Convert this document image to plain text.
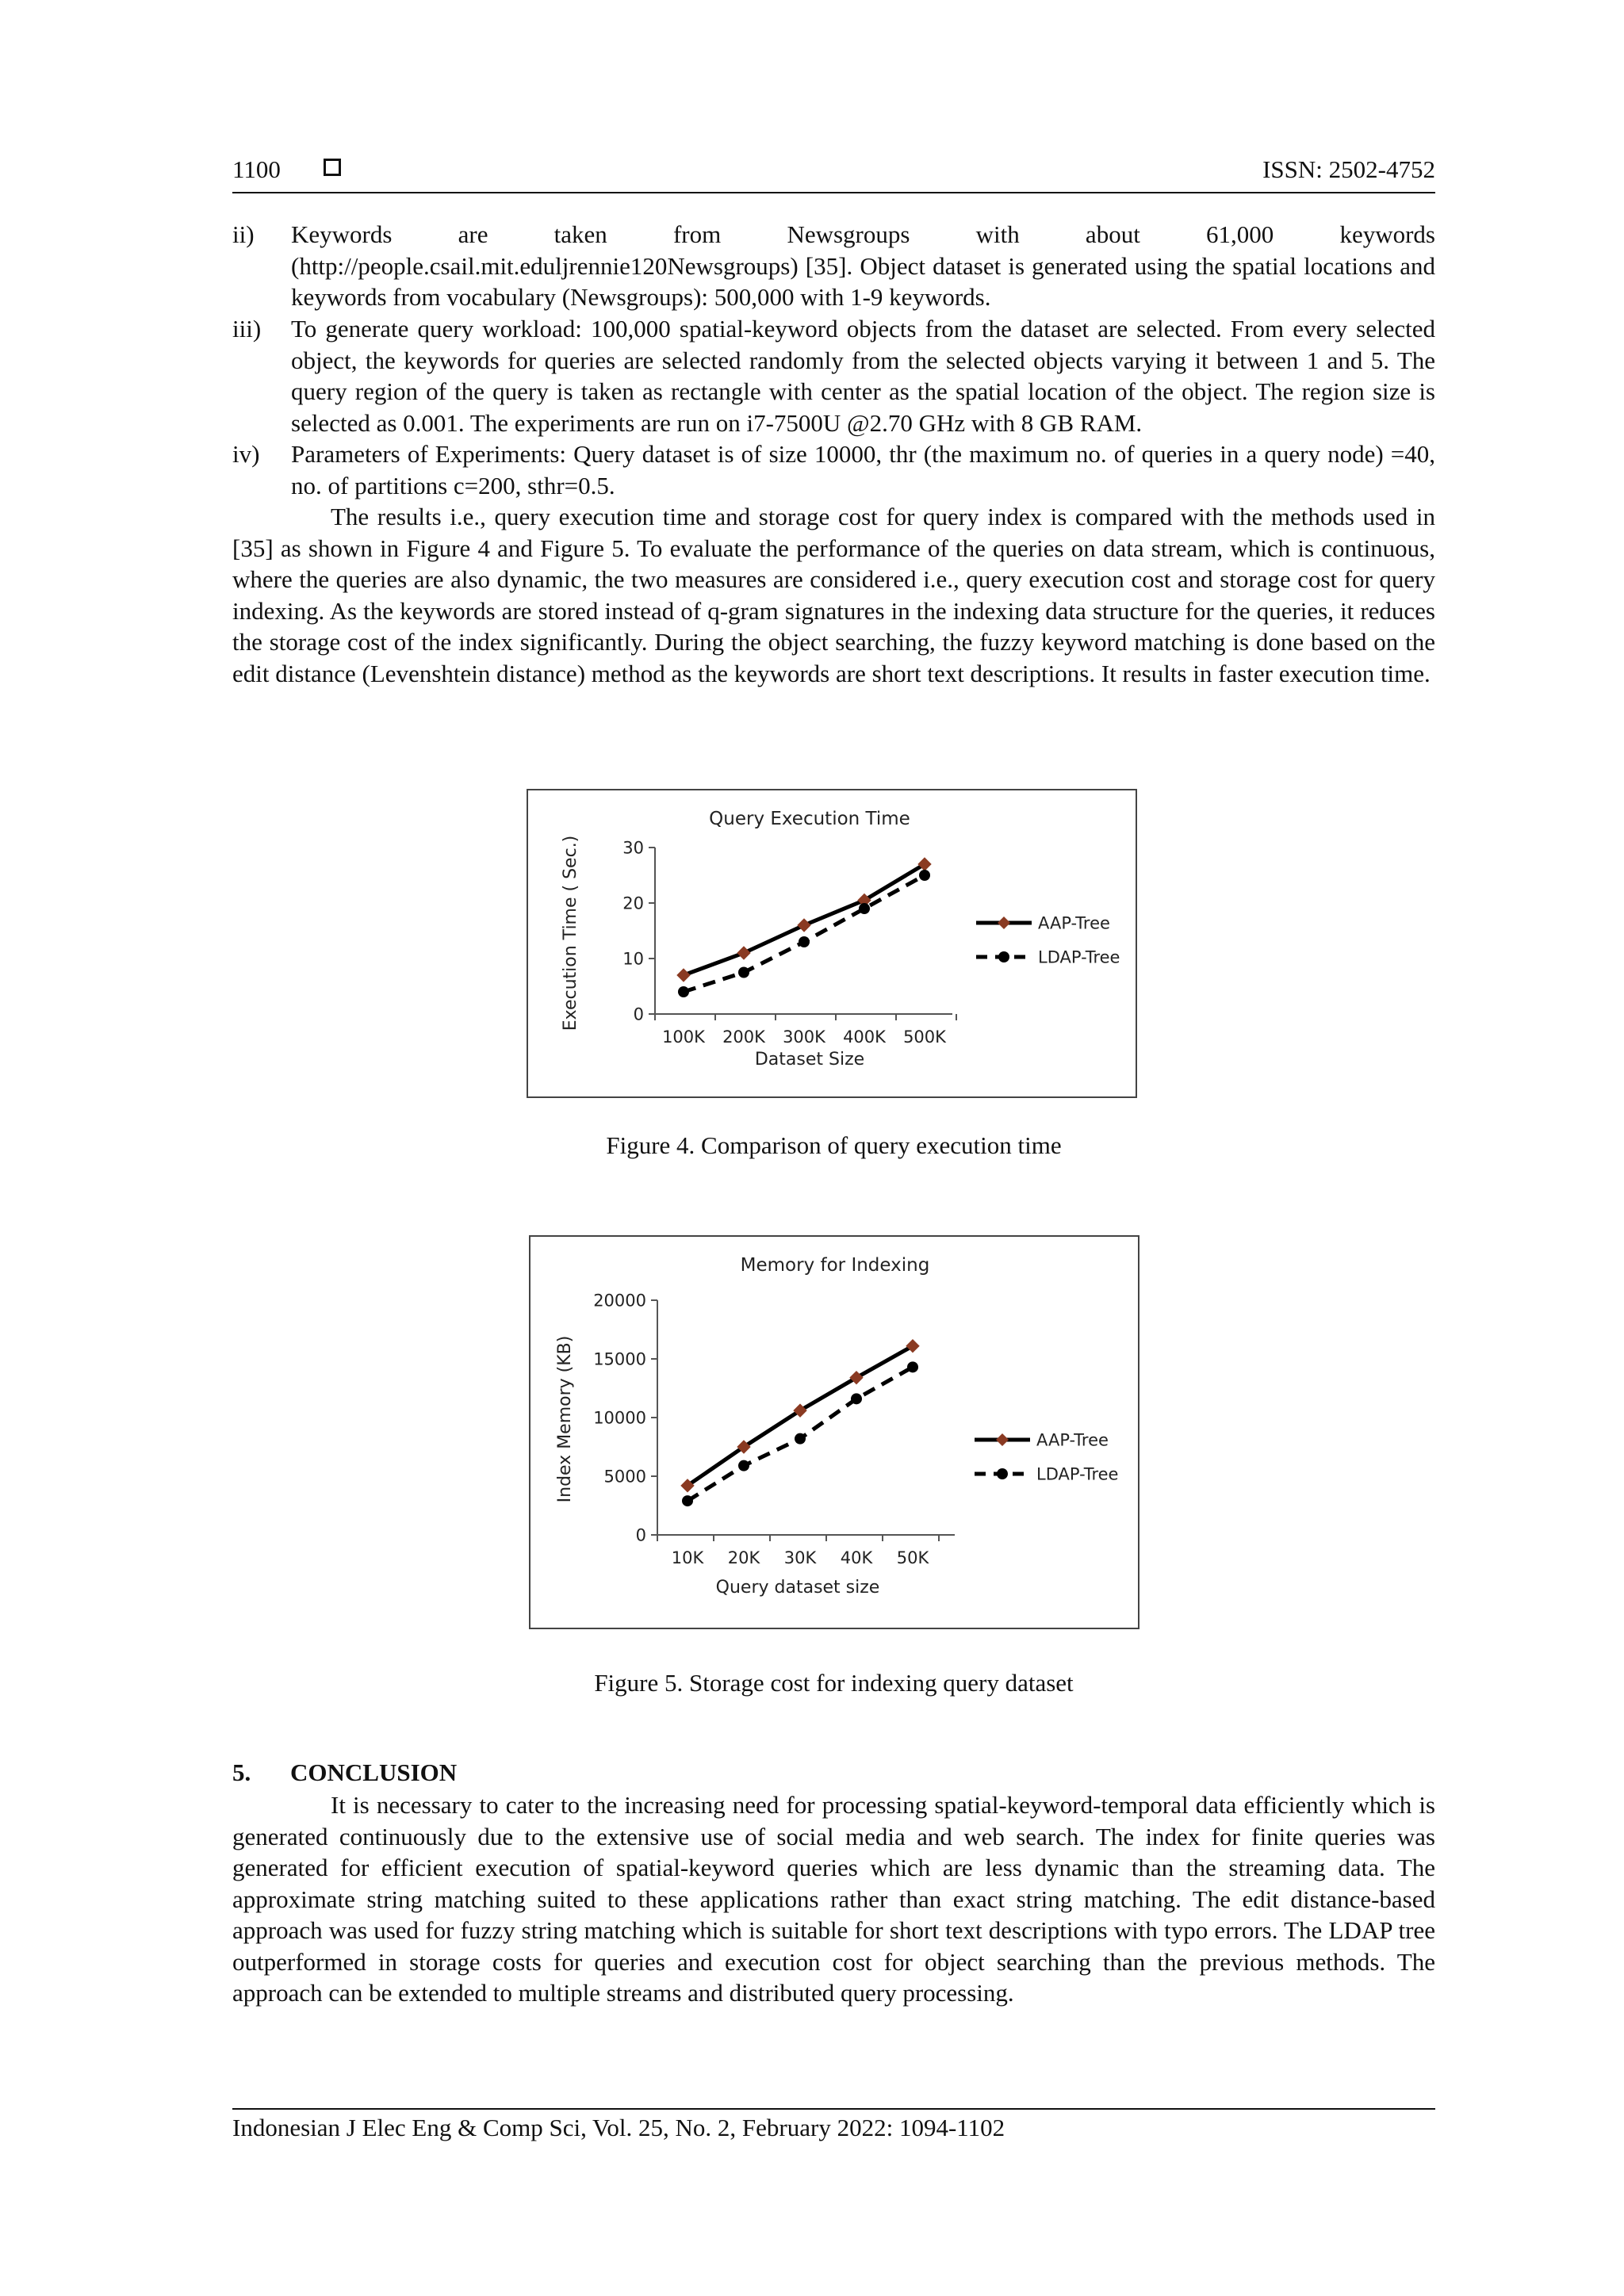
1100	ISSN: 2502-4752
ii) Keywords are taken from Newsgroups with about 61,000 keywords (http://people.csail.mit.eduljrennie120Newsgroups) [35]. Object dataset is generated using the spatial locations and keywords from vocabulary (Newsgroups): 500,000 with 1-9 keywords.
iii) To generate query workload: 100,000 spatial-keyword objects from the dataset are selected. From every selected object, the keywords for queries are selected randomly from the selected objects varying it between 1 and 5. The query region of the query is taken as rectangle with center as the spatial location of the object. The region size is selected as 0.001. The experiments are run on i7-7500U @2.70 GHz with 8 GB RAM.
iv) Parameters of Experiments: Query dataset is of size 10000, thr (the maximum no. of queries in a query node) =40, no. of partitions c=200, sthr=0.5.
The results i.e., query execution time and storage cost for query index is compared with the methods used in [35] as shown in Figure 4 and Figure 5. To evaluate the performance of the queries on data stream, which is continuous, where the queries are also dynamic, the two measures are considered i.e., query execution cost and storage cost for query indexing. As the keywords are stored instead of q-gram signatures in the indexing data structure for the queries, it reduces the storage cost of the index significantly. During the object searching, the fuzzy keyword matching is done based on the edit distance (Levenshtein distance) method as the keywords are short text descriptions. It results in faster execution time.
Query Execution Time
0
10
20
30
100K 200K 300K 400K 500K
Dataset Size
Execution Time ( Sec.)	AAP-Tree
LDAP-Tree
Figure 4. Comparison of query execution time
Memory for Indexing
0
5000
10000
15000
20000
10K 20K 30K 40K 50K
Query dataset size
Index Memory (KB)	AAP-Tree
LDAP-Tree
Figure 5. Storage cost for indexing query dataset
5. CONCLUSION
It is necessary to cater to the increasing need for processing spatial-keyword-temporal data efficiently which is generated continuously due to the extensive use of social media and web search. The index for finite queries was generated for efficient execution of spatial-keyword queries which are less dynamic than the streaming data. The approximate string matching suited to these applications rather than exact string matching. The edit distance-based approach was used for fuzzy string matching which is suitable for short text descriptions with typo errors. The LDAP tree outperformed in storage costs for queries and execution cost for object searching than the previous methods. The approach can be extended to multiple streams and distributed query processing.
Indonesian J Elec Eng & Comp Sci, Vol. 25, No. 2, February 2022: 1094-1102
